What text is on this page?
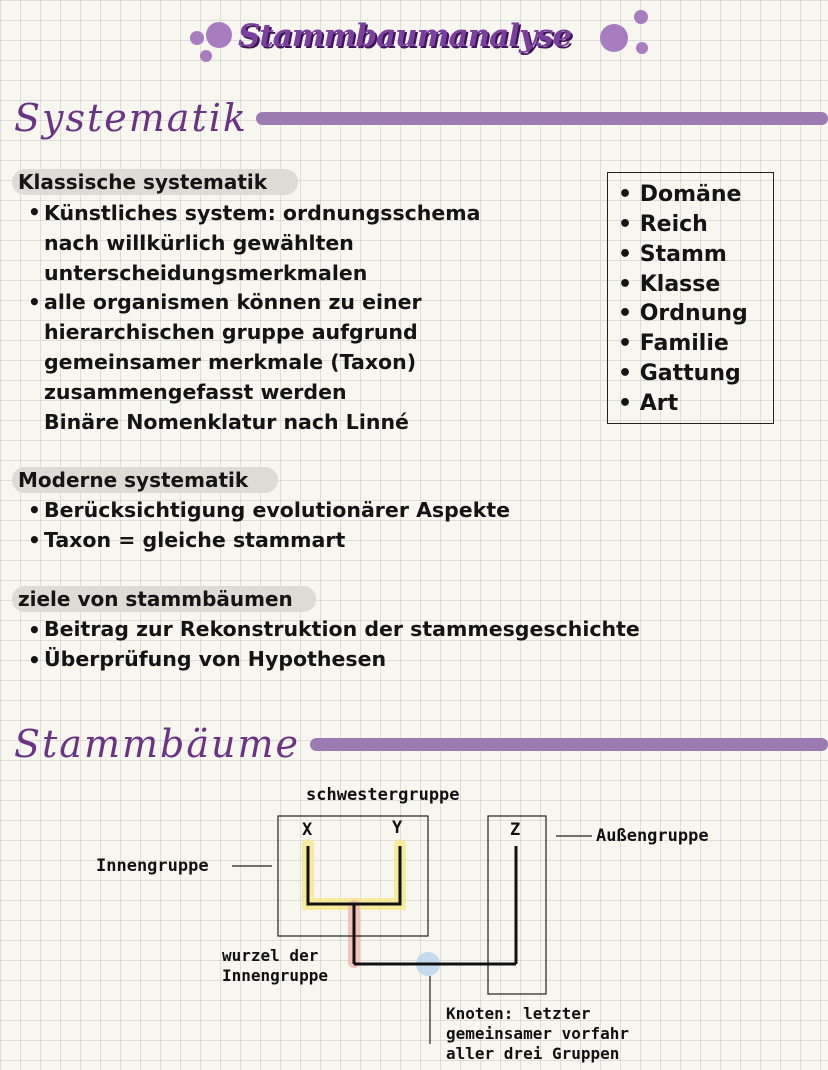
Stammbaumanalyse
Systematik
Klassische systematik
• Künstliches system: ordnungsschema
nach willkürlich gewählten
unterscheidungsmerkmalen
• alle organismen können zu einer
hierarchischen gruppe aufgrund
gemeinsamer merkmale (Taxon)
zusammengefasst werden
Binäre Nomenklatur nach Linné
• Domäne
• Reich
• Stamm
• Klasse
• Ordnung
• Familie
• Gattung
• Art
Moderne systematik
• Berücksichtigung evolutionärer Aspekte
• Taxon = gleiche stammart
ziele von stammbäumen
• Beitrag zur Rekonstruktion der stammesgeschichte
• Überprüfung von Hypothesen
Stammbäume
schwestergruppe
X	Y	Z	Außengruppe
Innengruppe
wurzel der
Innengruppe
Knoten: letzter
gemeinsamer vorfahr
aller drei Gruppen
